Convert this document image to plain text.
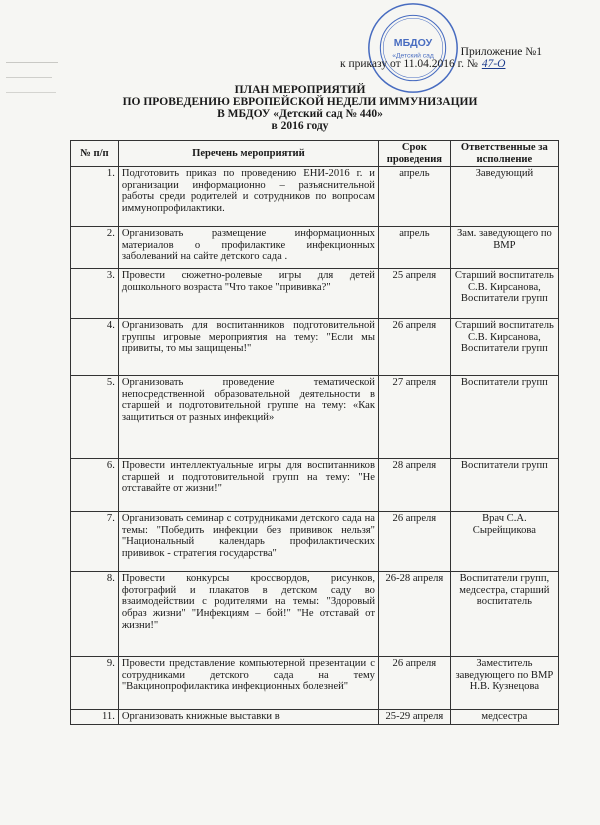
МБДОУ
«Детский сад Приложение №1
к приказу от 11.04.2016 г. № 47-О
ПЛАН МЕРОПРИЯТИЙ
ПО ПРОВЕДЕНИЮ ЕВРОПЕЙСКОЙ НЕДЕЛИ ИММУНИЗАЦИИ
В МБДОУ «Детский сад № 440»
в 2016 году
№ п/п	Перечень мероприятий	Срок проведения	Ответственные за исполнение
1.	Подготовить приказ по проведению ЕНИ-2016 г. и организации информационно – разъяснительной работы среди родителей и сотрудников по вопросам иммунопрофилактики.	апрель	Заведующий
2.	Организовать размещение информационных материалов о профилактике инфекционных заболеваний на сайте детского сада .	апрель	Зам. заведующего по ВМР
3.	Провести сюжетно-ролевые игры для детей дошкольного возраста "Что такое "прививка?"	25 апреля	Старший воспитатель С.В. Кирсанова, Воспитатели групп
4.	Организовать для воспитанников подготовительной группы игровые мероприятия на тему: "Если мы привиты, то мы защищены!"	26 апреля	Старший воспитатель С.В. Кирсанова, Воспитатели групп
5.	Организовать проведение тематической непосредственной образовательной деятельности в старшей и подготовительной группе на тему: «Как защититься от разных инфекций»	27 апреля	Воспитатели групп
6.	Провести интеллектуальные игры для воспитанников старшей и подготовительной групп на тему: "Не отставайте от жизни!"	28 апреля	Воспитатели групп
7.	Организовать семинар с сотрудниками детского сада на темы: "Победить инфекции без прививок нельзя" "Национальный календарь профилактических прививок - стратегия государства"	26 апреля	Врач С.А. Сырейщикова
8.	Провести конкурсы кроссвордов, рисунков, фотографий и плакатов в детском саду во взаимодействии с родителями на темы: "Здоровый образ жизни" "Инфекциям – бой!" "Не отставай от жизни!"	26-28 апреля	Воспитатели групп, медсестра, старший воспитатель
9.	Провести представление компьютерной презентации с сотрудниками детского сада на тему "Вакцинопрофилактика инфекционных болезней"	26 апреля	Заместитель заведующего по ВМР Н.В. Кузнецова
11.	Организовать книжные выставки в	25-29 апреля	медсестра
